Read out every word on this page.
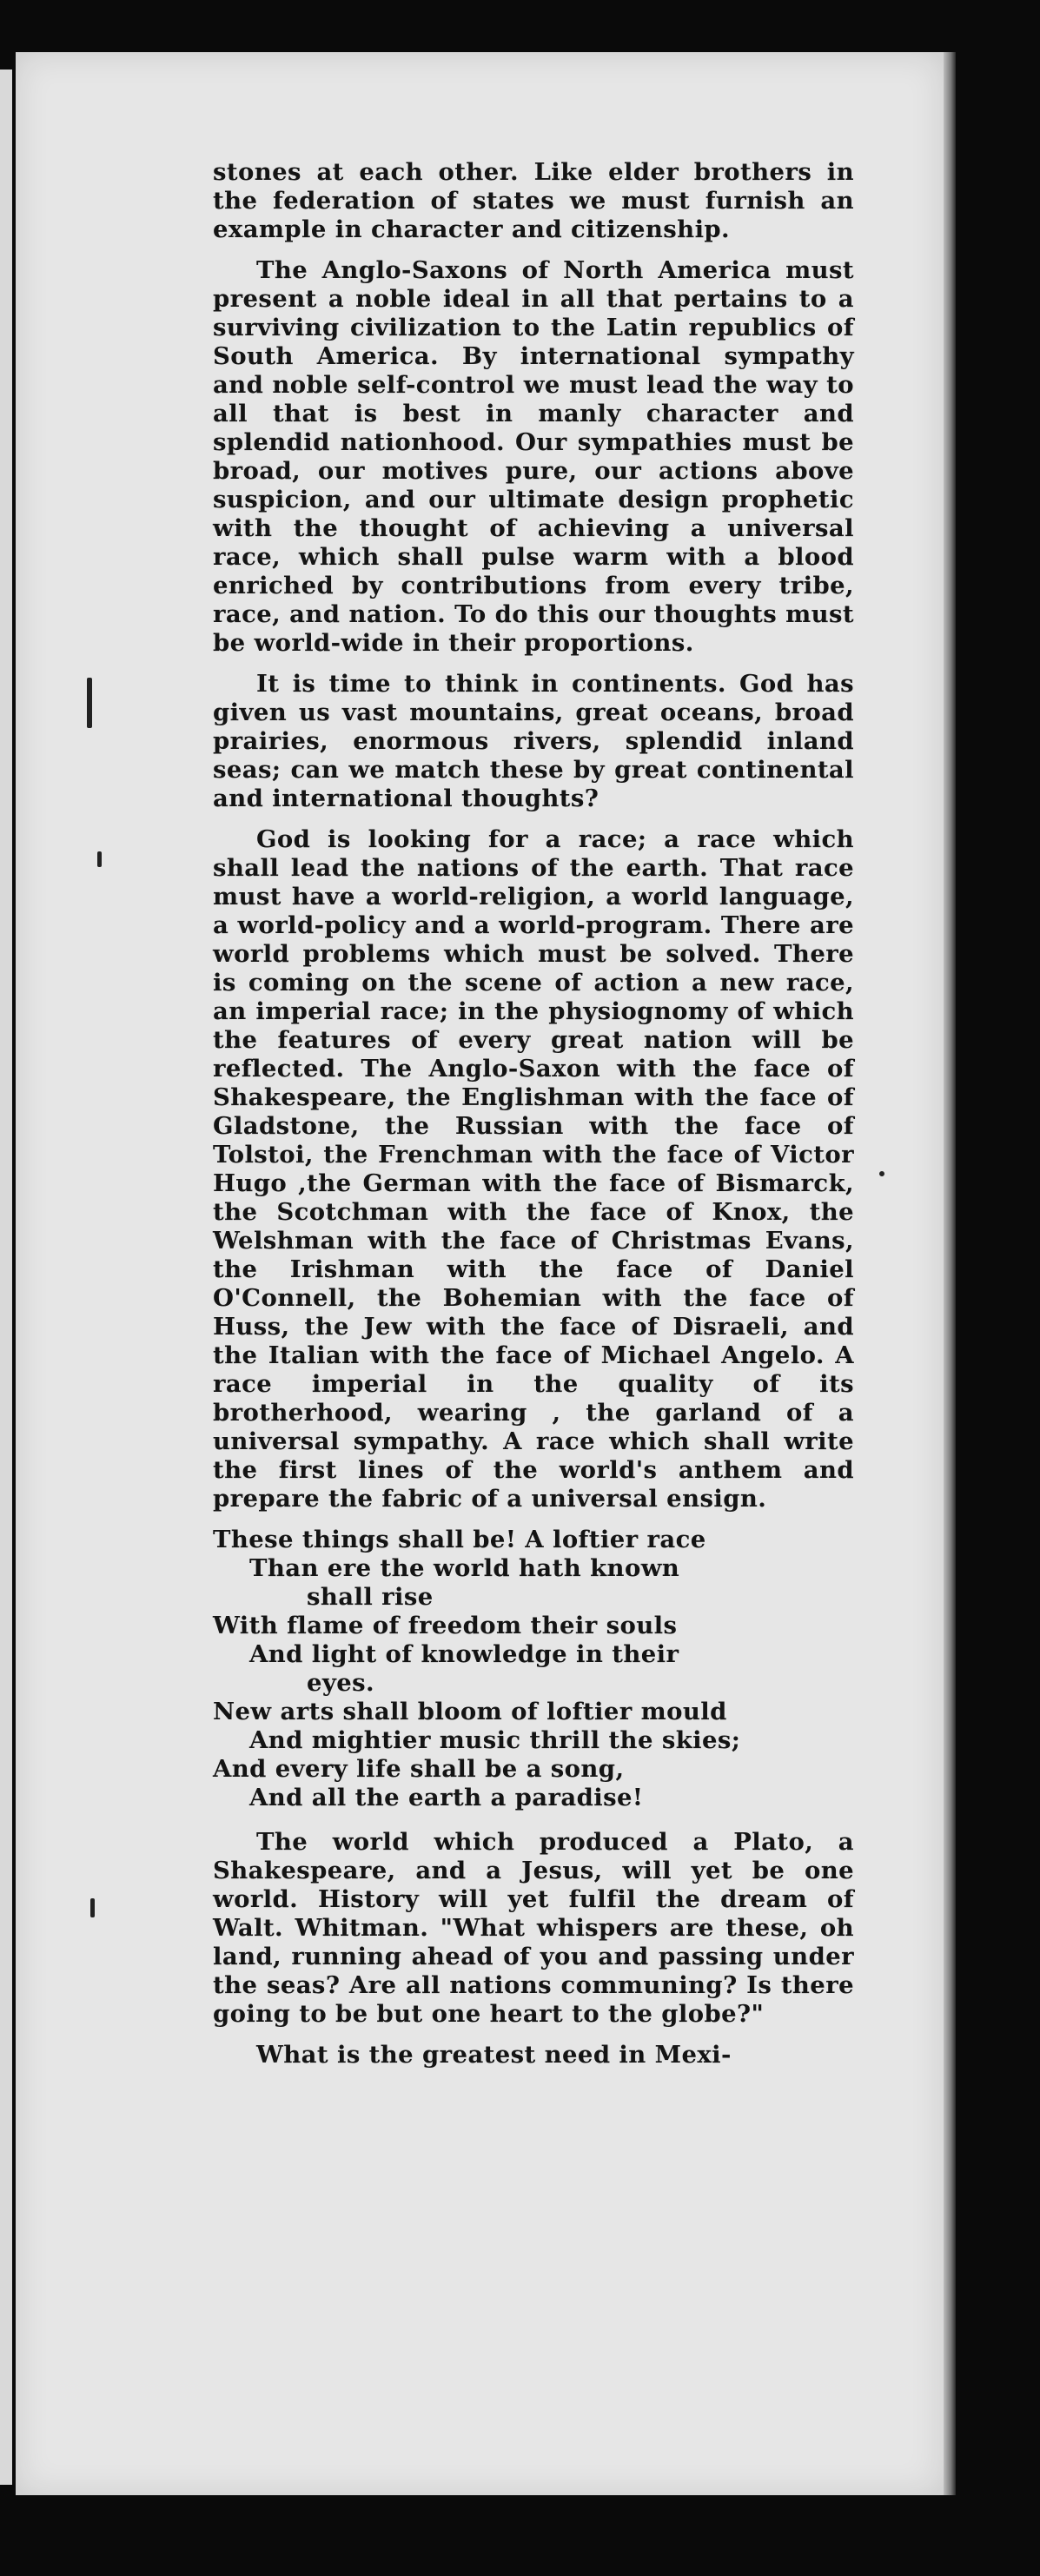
stones at each other. Like elder brothers in the federation of states we must furnish an example in character and citizenship.

The Anglo-Saxons of North America must present a noble ideal in all that pertains to a surviving civilization to the Latin republics of South America. By international sympathy and noble self-control we must lead the way to all that is best in manly character and splendid nationhood. Our sympathies must be broad, our motives pure, our actions above suspicion, and our ultimate design prophetic with the thought of achieving a universal race, which shall pulse warm with a blood enriched by contributions from every tribe, race, and nation. To do this our thoughts must be world-wide in their proportions.

It is time to think in continents. God has given us vast mountains, great oceans, broad prairies, enormous rivers, splendid inland seas; can we match these by great continental and international thoughts?

God is looking for a race; a race which shall lead the nations of the earth. That race must have a world-religion, a world language, a world-policy and a world-program. There are world problems which must be solved. There is coming on the scene of action a new race, an imperial race; in the physiognomy of which the features of every great nation will be reflected. The Anglo-Saxon with the face of Shakespeare, the Englishman with the face of Gladstone, the Russian with the face of Tolstoi, the Frenchman with the face of Victor Hugo ,the German with the face of Bismarck, the Scotchman with the face of Knox, the Welshman with the face of Christmas Evans, the Irishman with the face of Daniel O'Connell, the Bohemian with the face of Huss, the Jew with the face of Disraeli, and the Italian with the face of Michael Angelo. A race imperial in the quality of its brotherhood, wearing , the garland of a universal sympathy. A race which shall write the first lines of the world's anthem and prepare the fabric of a universal ensign.

These things shall be! A loftier race
Than ere the world hath known
shall rise
With flame of freedom their souls
And light of knowledge in their
eyes.
New arts shall bloom of loftier mould
And mightier music thrill the skies;
And every life shall be a song,
And all the earth a paradise!

The world which produced a Plato, a Shakespeare, and a Jesus, will yet be one world. History will yet fulfil the dream of Walt. Whitman. "What whispers are these, oh land, running ahead of you and passing under the seas? Are all nations communing? Is there going to be but one heart to the globe?"

What is the greatest need in Mexi-
